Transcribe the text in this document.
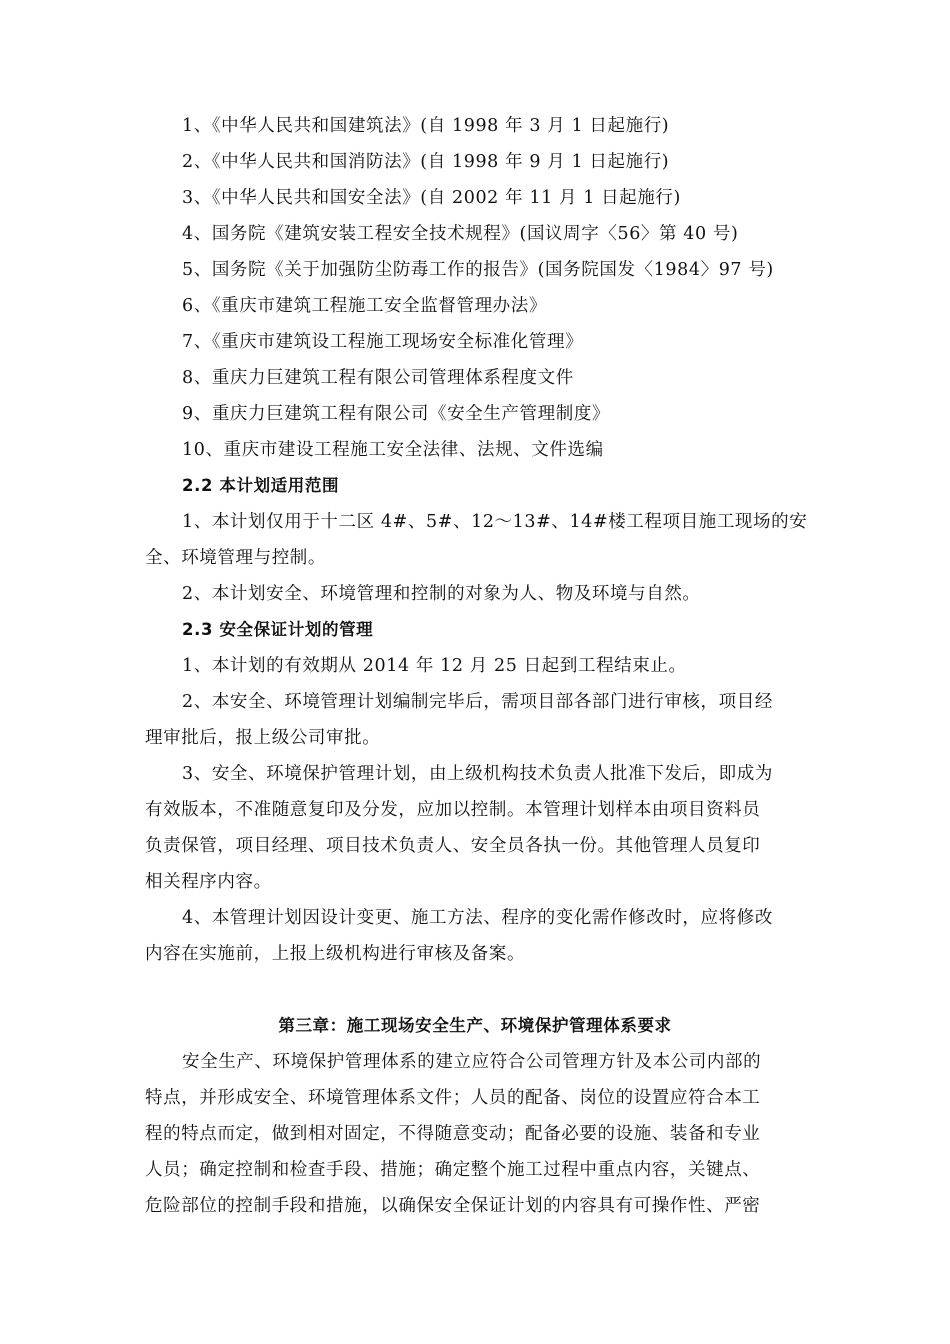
1、《中华人民共和国建筑法》(自 1998 年 3 月 1 日起施行)
2、《中华人民共和国消防法》(自 1998 年 9 月 1 日起施行)
3、《中华人民共和国安全法》(自 2002 年 11 月 1 日起施行)
4、国务院《建筑安装工程安全技术规程》(国议周字〈56〉第 40 号)
5、国务院《关于加强防尘防毒工作的报告》(国务院国发〈1984〉97 号)
6、《重庆市建筑工程施工安全监督管理办法》
7、《重庆市建筑设工程施工现场安全标准化管理》
8、重庆力巨建筑工程有限公司管理体系程度文件
9、重庆力巨建筑工程有限公司《安全生产管理制度》
10、重庆市建设工程施工安全法律、法规、文件选编
2.2 本计划适用范围
1、本计划仅用于十二区 4#、5#、12～13#、14#楼工程项目施工现场的安
全、环境管理与控制。
2、本计划安全、环境管理和控制的对象为人、物及环境与自然。
2.3 安全保证计划的管理
1、本计划的有效期从 2014 年 12 月 25 日起到工程结束止。
2、本安全、环境管理计划编制完毕后，需项目部各部门进行审核，项目经
理审批后，报上级公司审批。
3、安全、环境保护管理计划，由上级机构技术负责人批准下发后，即成为
有效版本，不准随意复印及分发，应加以控制。本管理计划样本由项目资料员
负责保管，项目经理、项目技术负责人、安全员各执一份。其他管理人员复印
相关程序内容。
4、本管理计划因设计变更、施工方法、程序的变化需作修改时，应将修改
内容在实施前，上报上级机构进行审核及备案。
第三章：施工现场安全生产、环境保护管理体系要求
安全生产、环境保护管理体系的建立应符合公司管理方针及本公司内部的
特点，并形成安全、环境管理体系文件；人员的配备、岗位的设置应符合本工
程的特点而定，做到相对固定，不得随意变动；配备必要的设施、装备和专业
人员；确定控制和检查手段、措施；确定整个施工过程中重点内容，关键点、
危险部位的控制手段和措施，以确保安全保证计划的内容具有可操作性、严密
